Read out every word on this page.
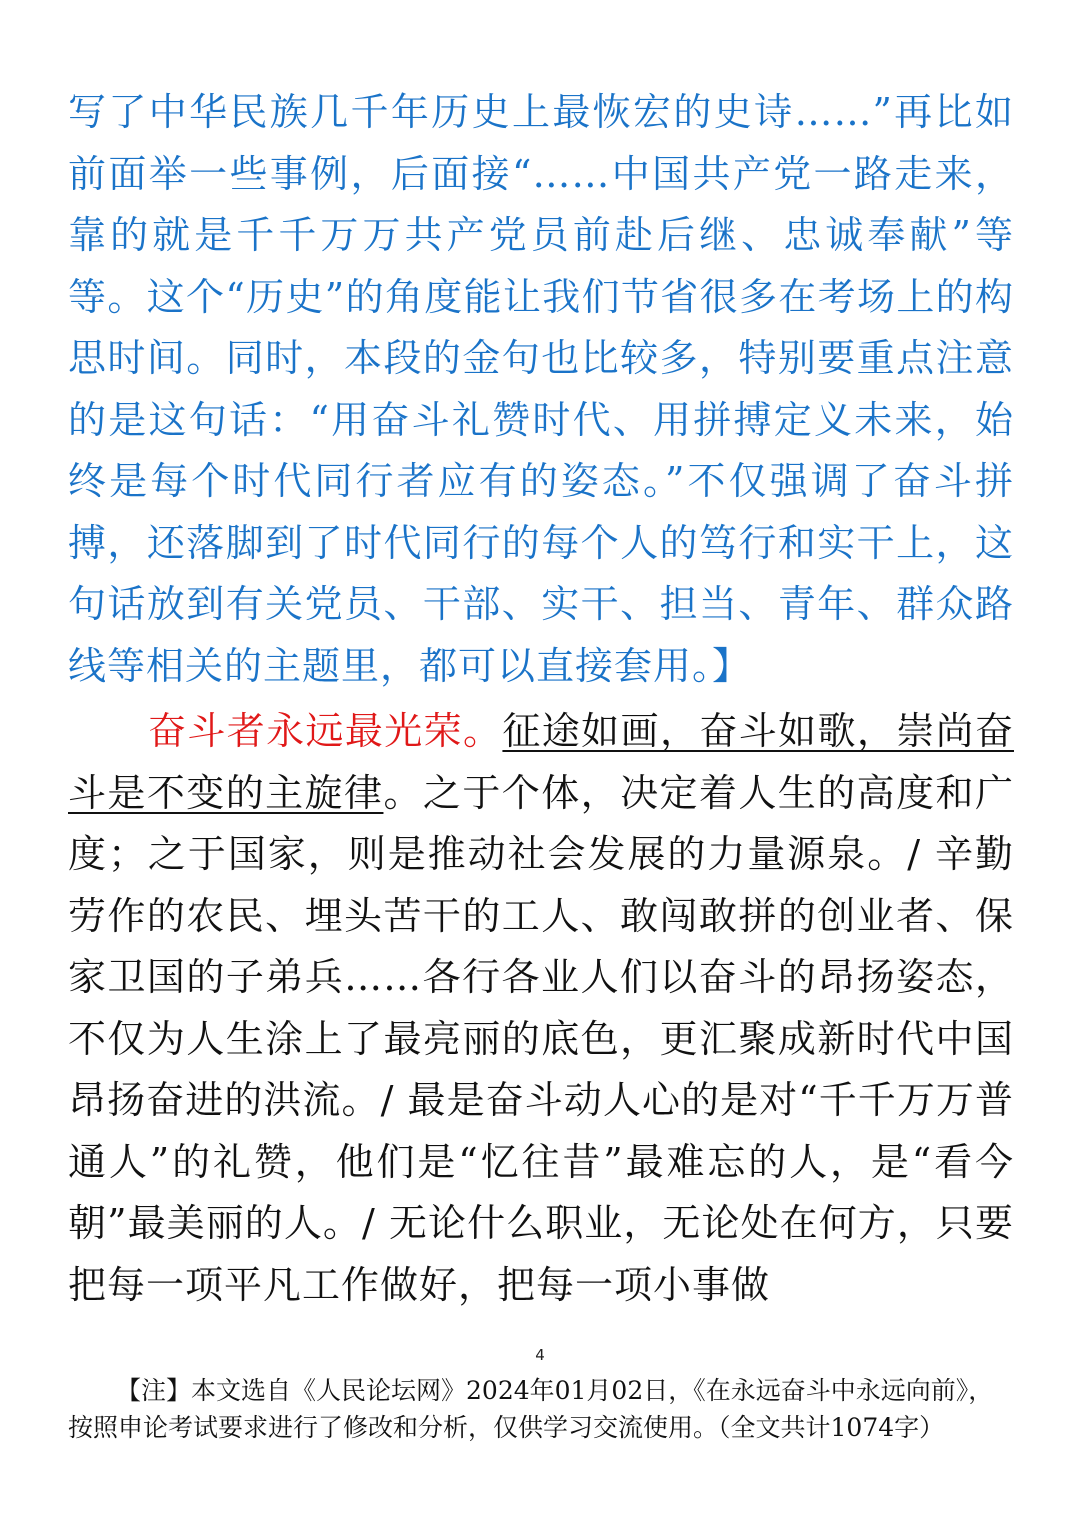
写了中华民族几千年历史上最恢宏的史诗……”再比如前面举一些事例，后面接“……中国共产党一路走来，靠的就是千千万万共产党员前赴后继、忠诚奉献”等等。这个“历史”的角度能让我们节省很多在考场上的构思时间。同时，本段的金句也比较多，特别要重点注意的是这句话：“用奋斗礼赞时代、用拼搏定义未来，始终是每个时代同行者应有的姿态。”不仅强调了奋斗拼搏，还落脚到了时代同行的每个人的笃行和实干上，这句话放到有关党员、干部、实干、担当、青年、群众路线等相关的主题里，都可以直接套用。】

奋斗者永远最光荣。征途如画，奋斗如歌，崇尚奋斗是不变的主旋律。之于个体，决定着人生的高度和广度；之于国家，则是推动社会发展的力量源泉。/ 辛勤劳作的农民、埋头苦干的工人、敢闯敢拼的创业者、保家卫国的子弟兵……各行各业人们以奋斗的昂扬姿态，不仅为人生涂上了最亮丽的底色，更汇聚成新时代中国昂扬奋进的洪流。/ 最是奋斗动人心的是对“千千万万普通人”的礼赞，他们是“忆往昔”最难忘的人，是“看今朝”最美丽的人。/ 无论什么职业，无论处在何方，只要把每一项平凡工作做好，把每一项小事做

4

【注】本文选自《人民论坛网》2024年01月02日，《在永远奋斗中永远向前》，按照申论考试要求进行了修改和分析，仅供学习交流使用。（全文共计1074字）
